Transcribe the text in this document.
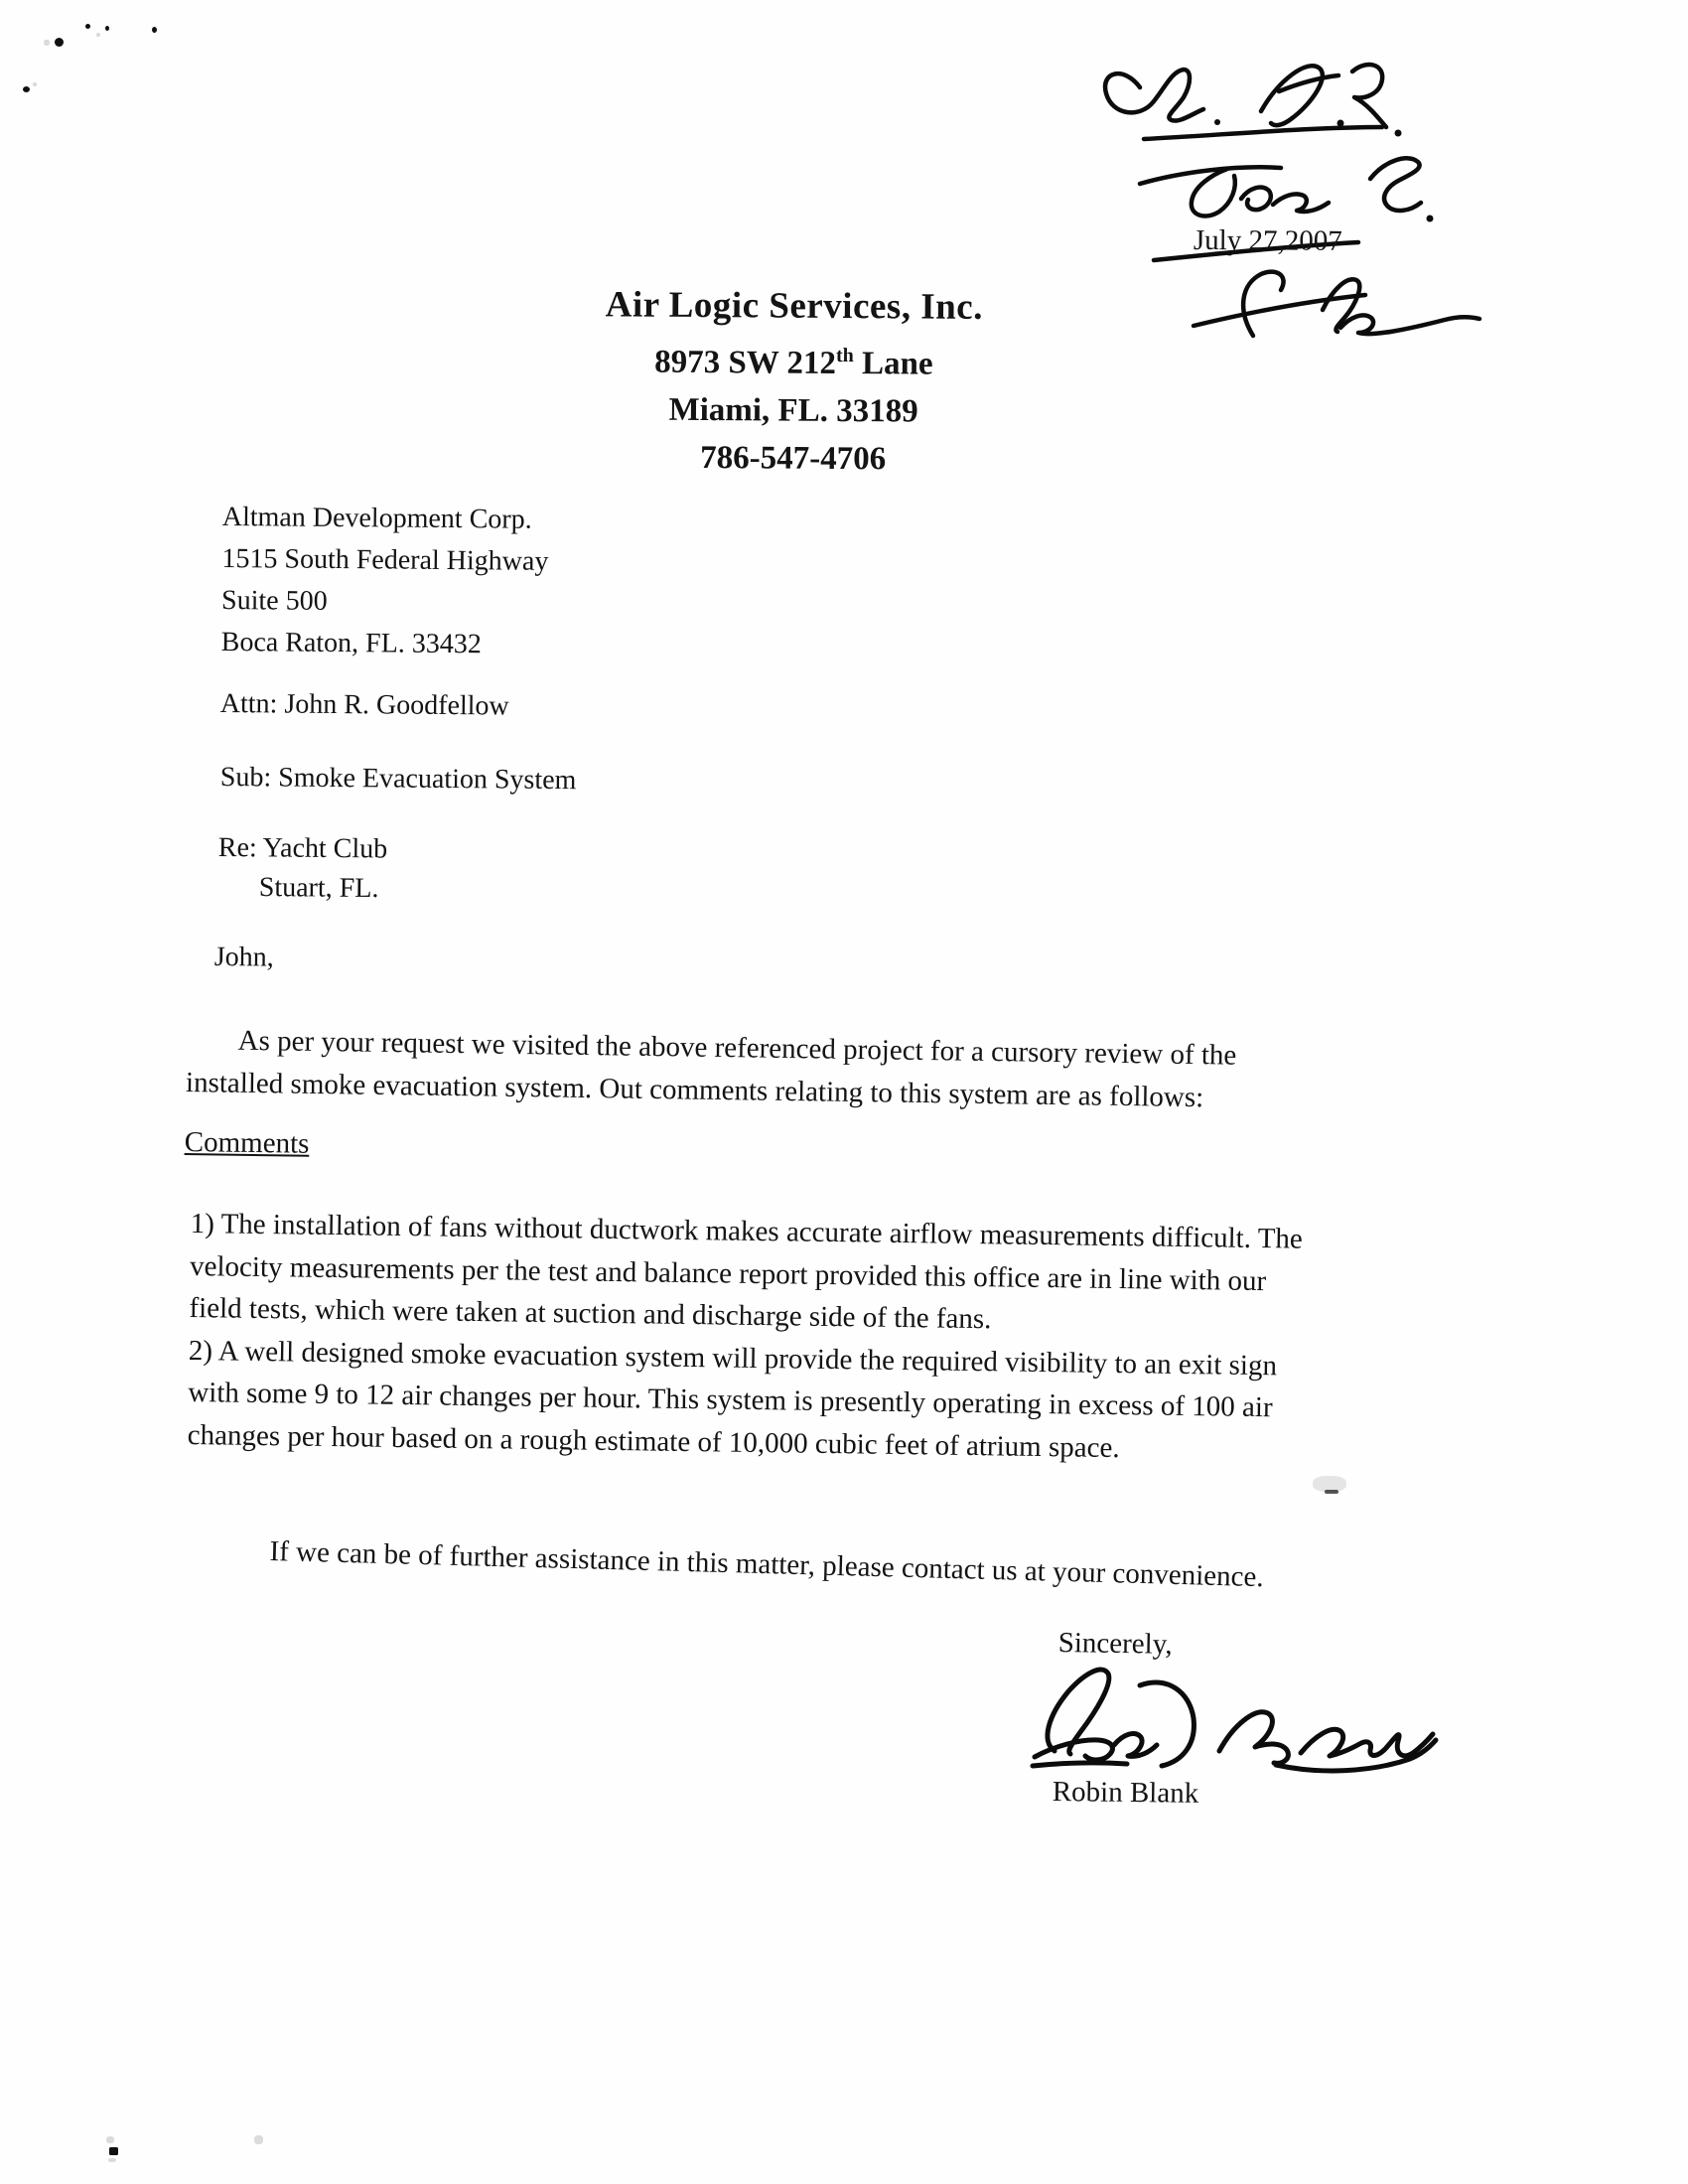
July 27,2007
Air Logic Services, Inc.
8973 SW 212th Lane
Miami, FL. 33189
786-547-4706
Altman Development Corp.
1515 South Federal Highway
Suite 500
Boca Raton, FL. 33432
Attn: John R. Goodfellow
Sub: Smoke Evacuation System
Re: Yacht Club
Stuart, FL.
John,
As per your request we visited the above referenced project for a cursory review of the
installed smoke evacuation system. Out comments relating to this system are as follows:
Comments
1) The installation of fans without ductwork makes accurate airflow measurements difficult. The
velocity measurements per the test and balance report provided this office are in line with our
field tests, which were taken at suction and discharge side of the fans.
2) A well designed smoke evacuation system will provide the required visibility to an exit sign
with some 9 to 12 air changes per hour. This system is presently operating in excess of 100 air
changes per hour based on a rough estimate of 10,000 cubic feet of atrium space.
If we can be of further assistance in this matter, please contact us at your convenience.
Sincerely,
Robin Blank
